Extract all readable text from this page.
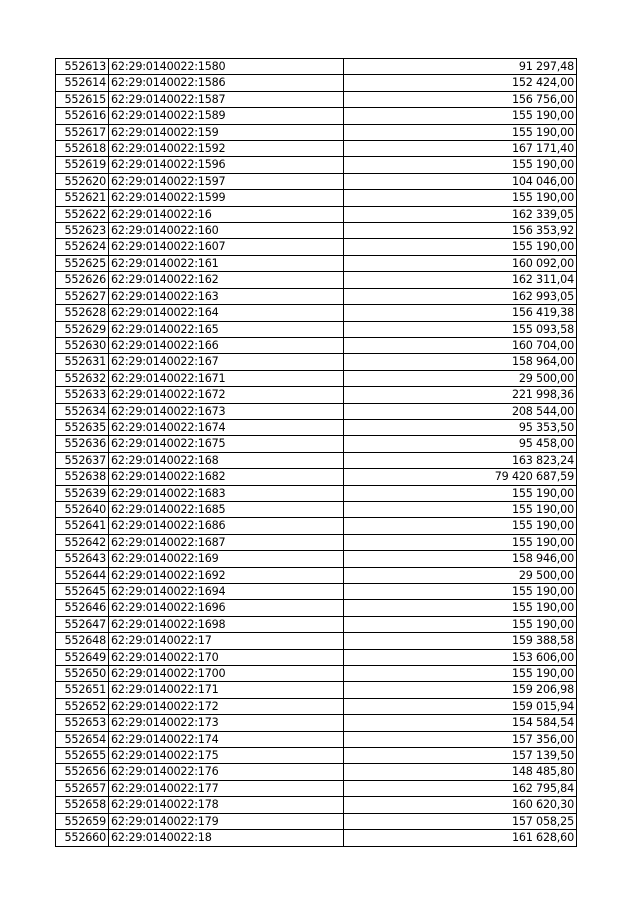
552613	62:29:0140022:1580	91 297,48
552614	62:29:0140022:1586	152 424,00
552615	62:29:0140022:1587	156 756,00
552616	62:29:0140022:1589	155 190,00
552617	62:29:0140022:159	155 190,00
552618	62:29:0140022:1592	167 171,40
552619	62:29:0140022:1596	155 190,00
552620	62:29:0140022:1597	104 046,00
552621	62:29:0140022:1599	155 190,00
552622	62:29:0140022:16	162 339,05
552623	62:29:0140022:160	156 353,92
552624	62:29:0140022:1607	155 190,00
552625	62:29:0140022:161	160 092,00
552626	62:29:0140022:162	162 311,04
552627	62:29:0140022:163	162 993,05
552628	62:29:0140022:164	156 419,38
552629	62:29:0140022:165	155 093,58
552630	62:29:0140022:166	160 704,00
552631	62:29:0140022:167	158 964,00
552632	62:29:0140022:1671	29 500,00
552633	62:29:0140022:1672	221 998,36
552634	62:29:0140022:1673	208 544,00
552635	62:29:0140022:1674	95 353,50
552636	62:29:0140022:1675	95 458,00
552637	62:29:0140022:168	163 823,24
552638	62:29:0140022:1682	79 420 687,59
552639	62:29:0140022:1683	155 190,00
552640	62:29:0140022:1685	155 190,00
552641	62:29:0140022:1686	155 190,00
552642	62:29:0140022:1687	155 190,00
552643	62:29:0140022:169	158 946,00
552644	62:29:0140022:1692	29 500,00
552645	62:29:0140022:1694	155 190,00
552646	62:29:0140022:1696	155 190,00
552647	62:29:0140022:1698	155 190,00
552648	62:29:0140022:17	159 388,58
552649	62:29:0140022:170	153 606,00
552650	62:29:0140022:1700	155 190,00
552651	62:29:0140022:171	159 206,98
552652	62:29:0140022:172	159 015,94
552653	62:29:0140022:173	154 584,54
552654	62:29:0140022:174	157 356,00
552655	62:29:0140022:175	157 139,50
552656	62:29:0140022:176	148 485,80
552657	62:29:0140022:177	162 795,84
552658	62:29:0140022:178	160 620,30
552659	62:29:0140022:179	157 058,25
552660	62:29:0140022:18	161 628,60
